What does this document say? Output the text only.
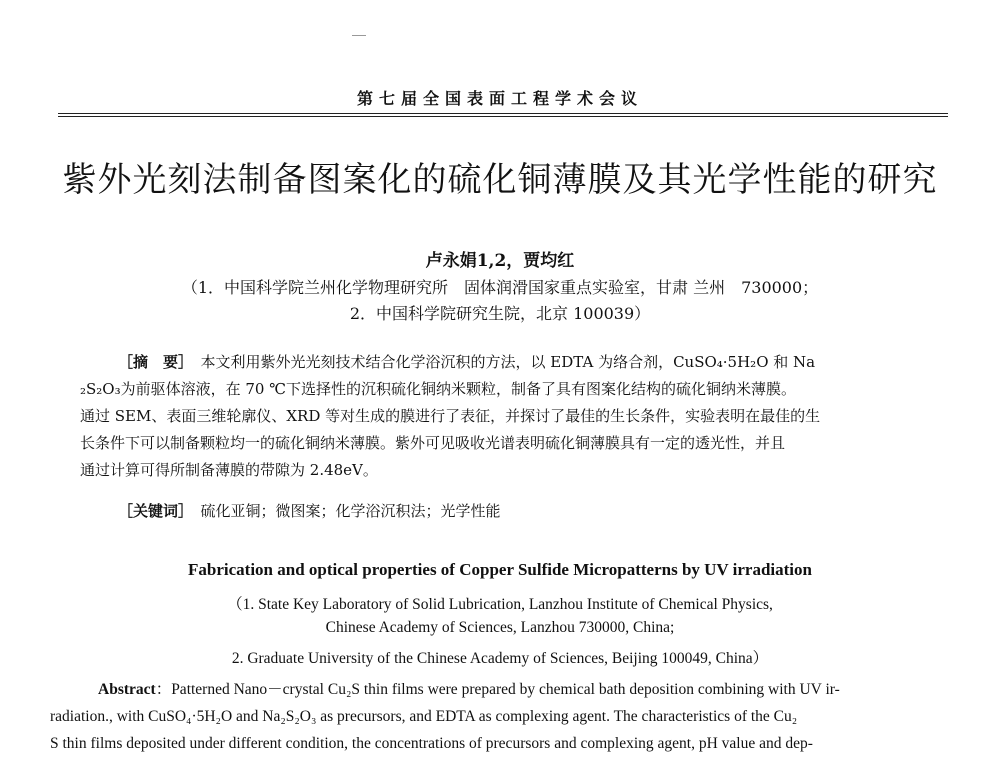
第七届全国表面工程学术会议
紫外光刻法制备图案化的硫化铜薄膜及其光学性能的研究
卢永娟1,2，贾均红
（1．中国科学院兰州化学物理研究所　固体润滑国家重点实验室，甘肃 兰州　730000；
2．中国科学院研究生院，北京 100039）
［摘　要］　 本文利用紫外光光刻技术结合化学浴沉积的方法，以 EDTA 为络合剂，CuSO₄·5H₂O 和 Na
₂S₂O₃为前驱体溶液，在 70 ℃下选择性的沉积硫化铜纳米颗粒，制备了具有图案化结构的硫化铜纳米薄膜。
通过 SEM、表面三维轮廓仪、XRD 等对生成的膜进行了表征，并探讨了最佳的生长条件，实验表明在最佳的生
长条件下可以制备颗粒均一的硫化铜纳米薄膜。紫外可见吸收光谱表明硫化铜薄膜具有一定的透光性，并且
通过计算可得所制备薄膜的带隙为 2.48eV。
［关键词］　 硫化亚铜；微图案；化学浴沉积法；光学性能
Fabrication and optical properties of Copper Sulfide Micropatterns by UV irradiation
（1. State Key Laboratory of Solid Lubrication, Lanzhou Institute of Chemical Physics,
Chinese Academy of Sciences, Lanzhou 730000, China;
2. Graduate University of the Chinese Academy of Sciences, Beijing 100049, China）
Abstract：Patterned Nano－crystal Cu₂S thin films were prepared by chemical bath deposition combining with UV ir-
radiation., with CuSO₄·5H₂O and Na₂S₂O₃ as precursors, and EDTA as complexing agent. The characteristics of the Cu₂
S thin films deposited under different condition, the concentrations of precursors and complexing agent, pH value and dep-
